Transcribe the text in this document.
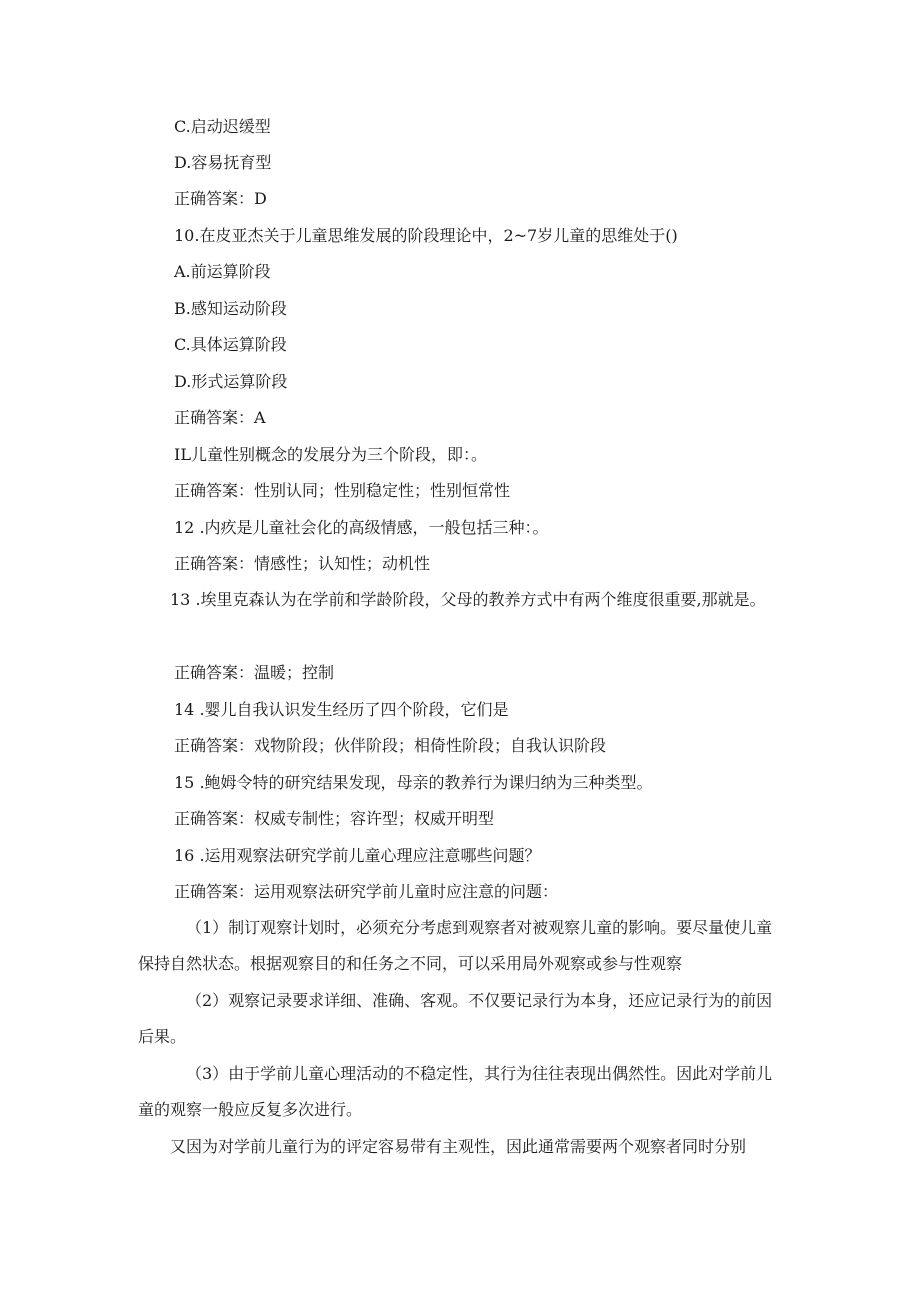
C.启动迟缓型
D.容易抚育型
正确答案：D
10.在皮亚杰关于儿童思维发展的阶段理论中，2~7岁儿童的思维处于()
A.前运算阶段
B.感知运动阶段
C.具体运算阶段
D.形式运算阶段
正确答案：A
IL儿童性别概念的发展分为三个阶段，即：。
正确答案：性别认同；性别稳定性；性别恒常性
12 .内疚是儿童社会化的高级情感，一般包括三种：。
正确答案：情感性；认知性；动机性
13 .埃里克森认为在学前和学龄阶段，父母的教养方式中有两个维度很重要,那就是。
正确答案：温暖；控制
14 .婴儿自我认识发生经历了四个阶段，它们是
正确答案：戏物阶段；伙伴阶段；相倚性阶段；自我认识阶段
15 .鲍姆令特的研究结果发现，母亲的教养行为课归纳为三种类型。
正确答案：权威专制性；容许型；权威开明型
16 .运用观察法研究学前儿童心理应注意哪些问题？
正确答案：运用观察法研究学前儿童时应注意的问题：
（1）制订观察计划时，必须充分考虑到观察者对被观察儿童的影响。要尽量使儿童保持自然状态。根据观察目的和任务之不同，可以采用局外观察或参与性观察
（2）观察记录要求详细、准确、客观。不仅要记录行为本身，还应记录行为的前因后果。
（3）由于学前儿童心理活动的不稳定性，其行为往往表现出偶然性。因此对学前儿童的观察一般应反复多次进行。
又因为对学前儿童行为的评定容易带有主观性，因此通常需要两个观察者同时分别
